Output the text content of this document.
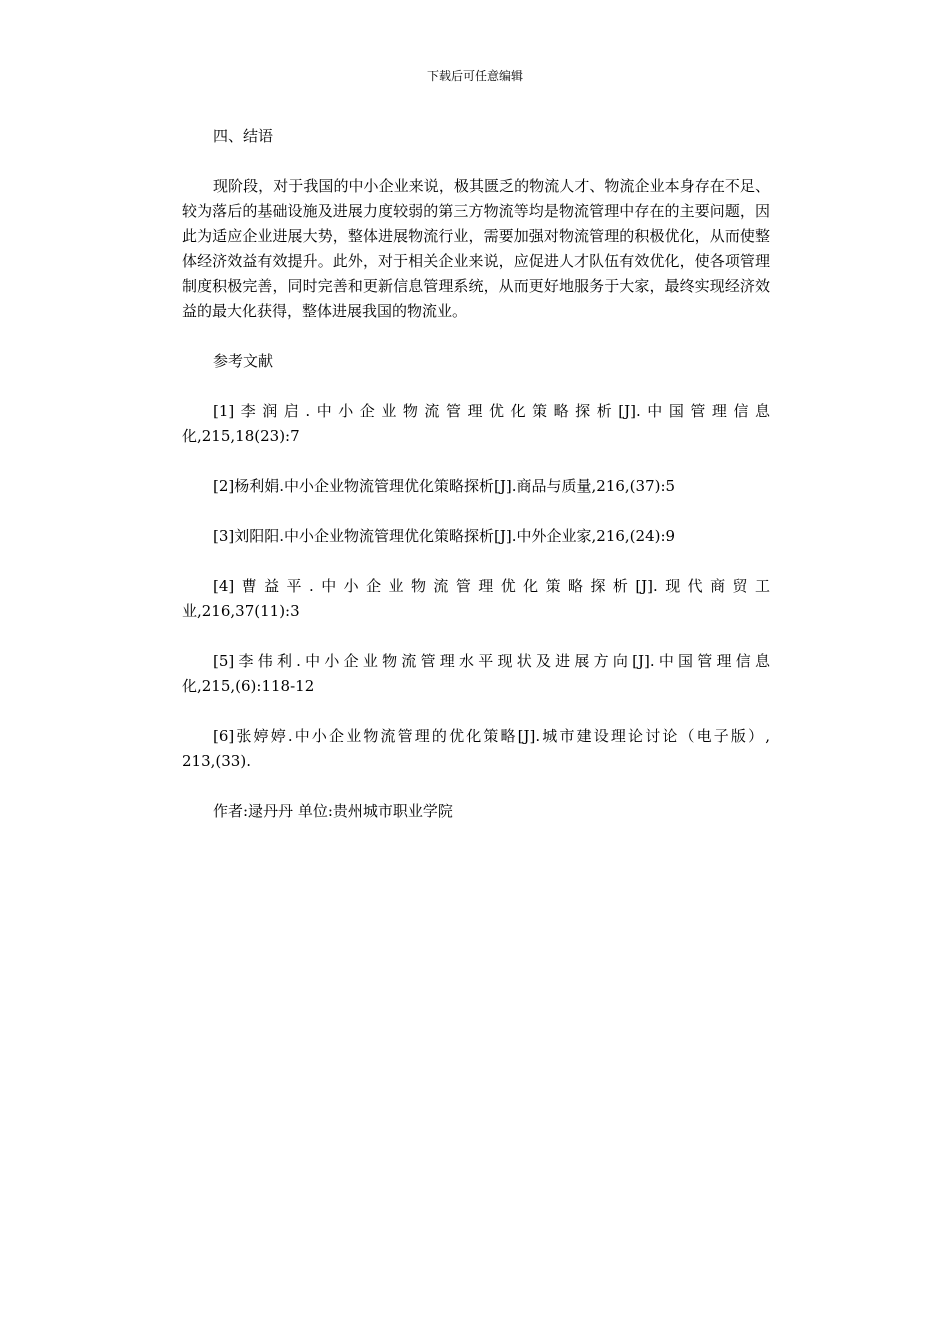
下载后可任意编辑

四、结语

现阶段，对于我国的中小企业来说，极其匮乏的物流人才、物流企业本身存在不足、较为落后的基础设施及进展力度较弱的第三方物流等均是物流管理中存在的主要问题，因此为适应企业进展大势，整体进展物流行业，需要加强对物流管理的积极优化，从而使整体经济效益有效提升。此外，对于相关企业来说，应促进人才队伍有效优化，使各项管理制度积极完善，同时完善和更新信息管理系统，从而更好地服务于大家，最终实现经济效益的最大化获得，整体进展我国的物流业。

参考文献

[1]李润启.中小企业物流管理优化策略探析[J].中国管理信息

化,215,18(23):7

[2]杨利娟.中小企业物流管理优化策略探析[J].商品与质量,216,(37):5

[3]刘阳阳.中小企业物流管理优化策略探析[J].中外企业家,216,(24):9

[4]曹益平.中小企业物流管理优化策略探析[J].现代商贸工

业,216,37(11):3

[5]李伟利.中小企业物流管理水平现状及进展方向[J].中国管理信息

化,215,(6):118-12

[6]张婷婷.中小企业物流管理的优化策略[J].城市建设理论讨论（电子版）,

213,(33).

作者:逯丹丹 单位:贵州城市职业学院
